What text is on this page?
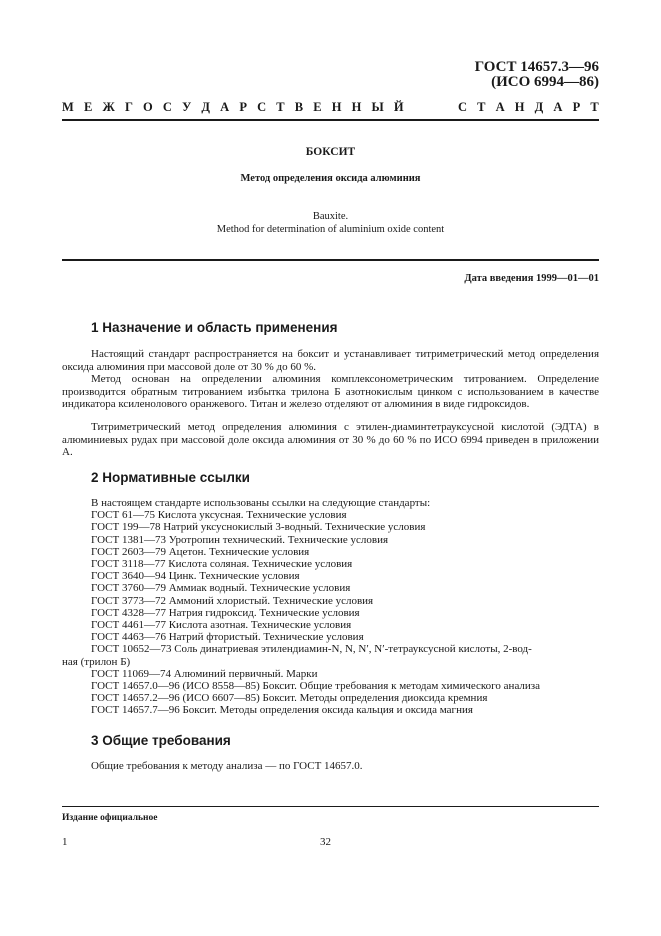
ГОСТ 14657.3—96
(ИСО 6994—86)
М Е Ж Г О С У Д А Р С Т В Е Н Н Ы Й	С Т А Н Д А Р Т
БОКСИТ
Метод определения оксида алюминия
Bauxite.
Method for determination of aluminium oxide content
Дата введения 1999—01—01
1 Назначение и область применения

Настоящий стандарт распространяется на боксит и устанавливает титриметрический метод определения оксида алюминия при массовой доле от 30 % до 60 %.

Метод основан на определении алюминия комплексонометрическим титрованием. Определение производится обратным титрованием избытка трилона Б азотнокислым цинком с использованием в качестве индикатора ксиленолового оранжевого. Титан и железо отделяют от алюминия в виде гидроксидов.

Титриметрический метод определения алюминия с этилен-диаминтетрауксусной кислотой (ЭДТА) в алюминиевых рудах при массовой доле оксида алюминия от 30 % до 60 % по ИСО 6994 приведен в приложении А.

2 Нормативные ссылки
В настоящем стандарте использованы ссылки на следующие стандарты:
ГОСТ 61—75 Кислота уксусная. Технические условия
ГОСТ 199—78 Натрий уксуснокислый 3-водный. Технические условия
ГОСТ 1381—73 Уротропин технический. Технические условия
ГОСТ 2603—79 Ацетон. Технические условия
ГОСТ 3118—77 Кислота соляная. Технические условия
ГОСТ 3640—94 Цинк. Технические условия
ГОСТ 3760—79 Аммиак водный. Технические условия
ГОСТ 3773—72 Аммоний хлористый. Технические условия
ГОСТ 4328—77 Натрия гидроксид. Технические условия
ГОСТ 4461—77 Кислота азотная. Технические условия
ГОСТ 4463—76 Натрий фтористый. Технические условия
ГОСТ 10652—73 Соль динатриевая этилендиамин-N, N, N′, N′-тетрауксусной кислоты, 2-вод-
ная (трилон Б)
ГОСТ 11069—74 Алюминий первичный. Марки
ГОСТ 14657.0—96 (ИСО 8558—85) Боксит. Общие требования к методам химического анализа
ГОСТ 14657.2—96 (ИСО 6607—85) Боксит. Методы определения диоксида кремния
ГОСТ 14657.7—96 Боксит. Методы определения оксида кальция и оксида магния
3 Общие требования

Общие требования к методу анализа — по ГОСТ 14657.0.

Издание официальное
1	32
